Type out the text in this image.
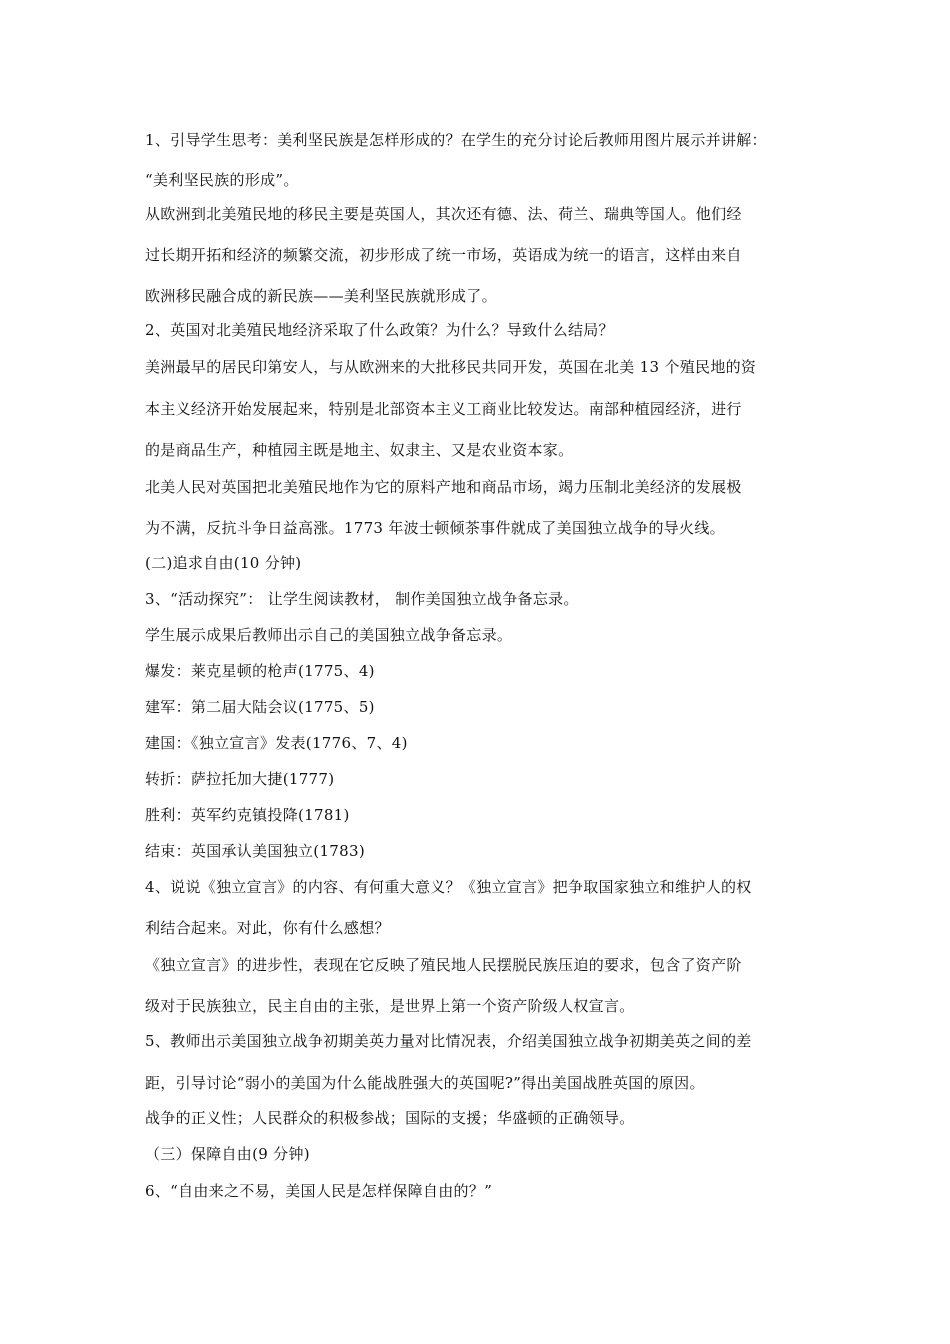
1、引导学生思考：美利坚民族是怎样形成的？在学生的充分讨论后教师用图片展示并讲解：
“美利坚民族的形成”。
从欧洲到北美殖民地的移民主要是英国人，其次还有德、法、荷兰、瑞典等国人。他们经
过长期开拓和经济的频繁交流，初步形成了统一市场，英语成为统一的语言，这样由来自
欧洲移民融合成的新民族——美利坚民族就形成了。
2、英国对北美殖民地经济采取了什么政策？为什么？导致什么结局？
美洲最早的居民印第安人，与从欧洲来的大批移民共同开发，英国在北美 13 个殖民地的资
本主义经济开始发展起来，特别是北部资本主义工商业比较发达。南部种植园经济，进行
的是商品生产，种植园主既是地主、奴隶主、又是农业资本家。
北美人民对英国把北美殖民地作为它的原料产地和商品市场，竭力压制北美经济的发展极
为不满，反抗斗争日益高涨。1773 年波士顿倾茶事件就成了美国独立战争的导火线。
(二)追求自由(10 分钟)
3、“活动探究”： 让学生阅读教材， 制作美国独立战争备忘录。
学生展示成果后教师出示自己的美国独立战争备忘录。
爆发：莱克星顿的枪声(1775、4)
建军：第二届大陆会议(1775、5)
建国：《独立宣言》发表(1776、7、4)
转折：萨拉托加大捷(1777)
胜利：英军约克镇投降(1781)
结束：英国承认美国独立(1783)
4、说说《独立宣言》的内容、有何重大意义？《独立宣言》把争取国家独立和维护人的权
利结合起来。对此，你有什么感想？
《独立宣言》的进步性，表现在它反映了殖民地人民摆脱民族压迫的要求，包含了资产阶
级对于民族独立，民主自由的主张，是世界上第一个资产阶级人权宣言。
5、教师出示美国独立战争初期美英力量对比情况表，介绍美国独立战争初期美英之间的差
距，引导讨论“弱小的美国为什么能战胜强大的英国呢?”得出美国战胜英国的原因。
战争的正义性；人民群众的积极参战；国际的支援；华盛顿的正确领导。
（三）保障自由(9 分钟)
6、“自由来之不易，美国人民是怎样保障自由的？”
